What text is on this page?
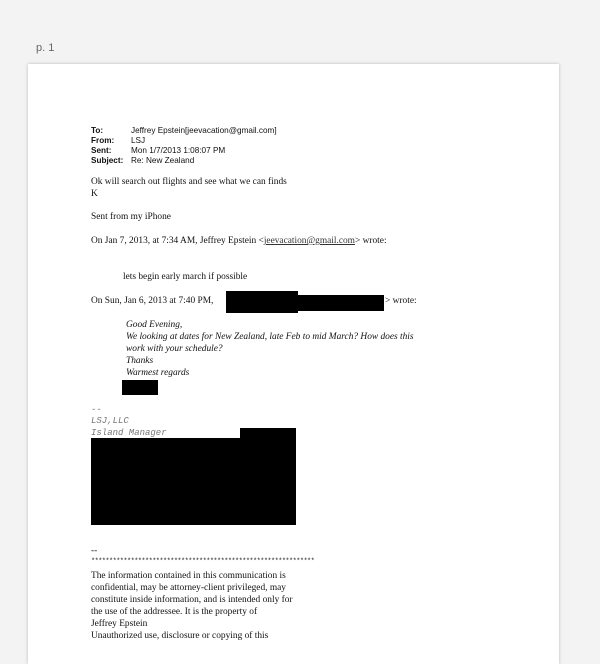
p. 1
To:	Jeffrey Epstein[jeevacation@gmail.com]
From:	LSJ
Sent:	Mon 1/7/2013 1:08:07 PM
Subject: Re: New Zealand
Ok will search out flights and see what we can finds
K
Sent from my iPhone
On Jan 7, 2013, at 7:34 AM, Jeffrey Epstein <jeevacation@gmail.com> wrote:
lets begin early march if possible
On Sun, Jan 6, 2013 at 7:40 PM,	> wrote:
Good Evening,
We looking at dates for New Zealand, late Feb to mid March? How does this
work with your schedule?
Thanks
Warmest regards
--
LSJ,LLC
Island Manager
--
**************************************************************
The information contained in this communication is
confidential, may be attorney-client privileged, may
constitute inside information, and is intended only for
the use of the addressee. It is the property of
Jeffrey Epstein
Unauthorized use, disclosure or copying of this
